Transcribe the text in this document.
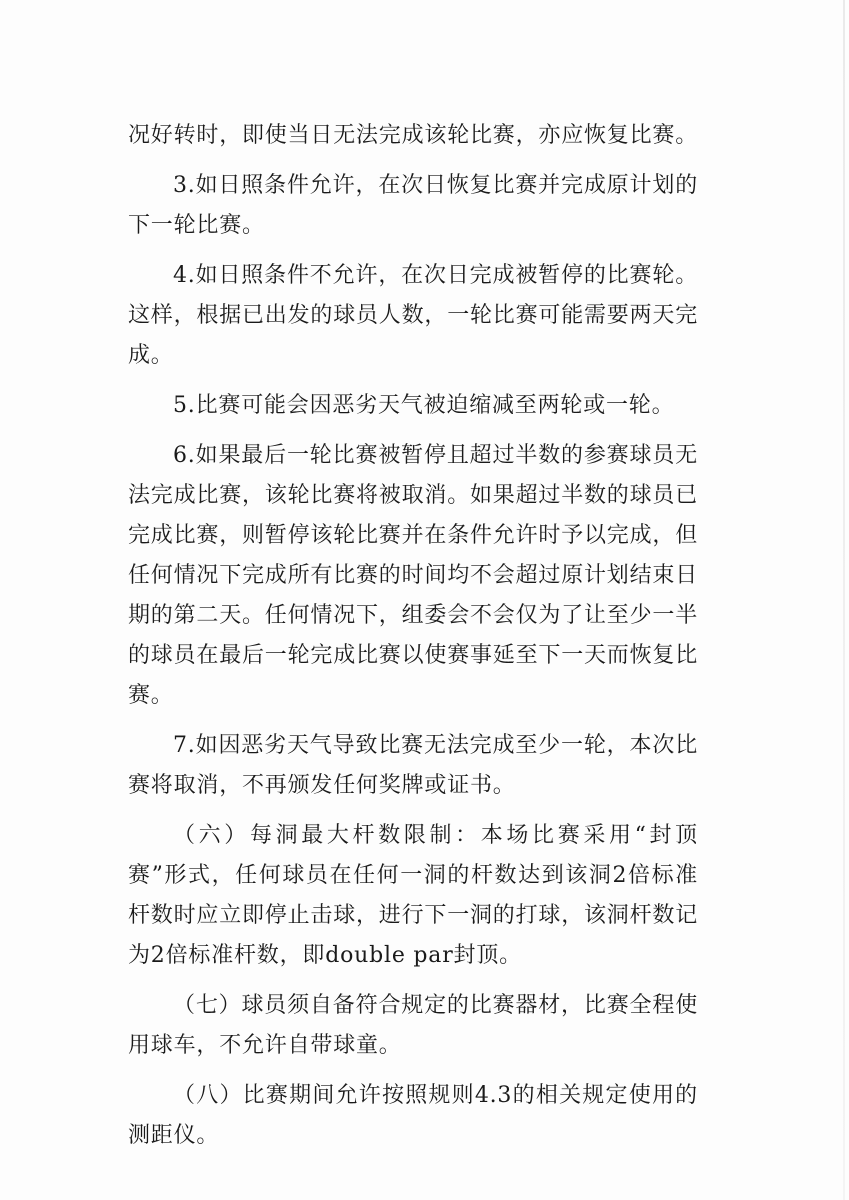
况好转时，即使当日无法完成该轮比赛，亦应恢复比赛。

3.如日照条件允许，在次日恢复比赛并完成原计划的下一轮比赛。

4.如日照条件不允许，在次日完成被暂停的比赛轮。这样，根据已出发的球员人数，一轮比赛可能需要两天完成。

5.比赛可能会因恶劣天气被迫缩减至两轮或一轮。

6.如果最后一轮比赛被暂停且超过半数的参赛球员无法完成比赛，该轮比赛将被取消。如果超过半数的球员已完成比赛，则暂停该轮比赛并在条件允许时予以完成，但任何情况下完成所有比赛的时间均不会超过原计划结束日期的第二天。任何情况下，组委会不会仅为了让至少一半的球员在最后一轮完成比赛以使赛事延至下一天而恢复比赛。

7.如因恶劣天气导致比赛无法完成至少一轮，本次比赛将取消，不再颁发任何奖牌或证书。

（六）每洞最大杆数限制：本场比赛采用“封顶赛”形式，任何球员在任何一洞的杆数达到该洞2倍标准杆数时应立即停止击球，进行下一洞的打球，该洞杆数记为2倍标准杆数，即double par封顶。

（七）球员须自备符合规定的比赛器材，比赛全程使用球车，不允许自带球童。

（八）比赛期间允许按照规则4.3的相关规定使用的测距仪。
